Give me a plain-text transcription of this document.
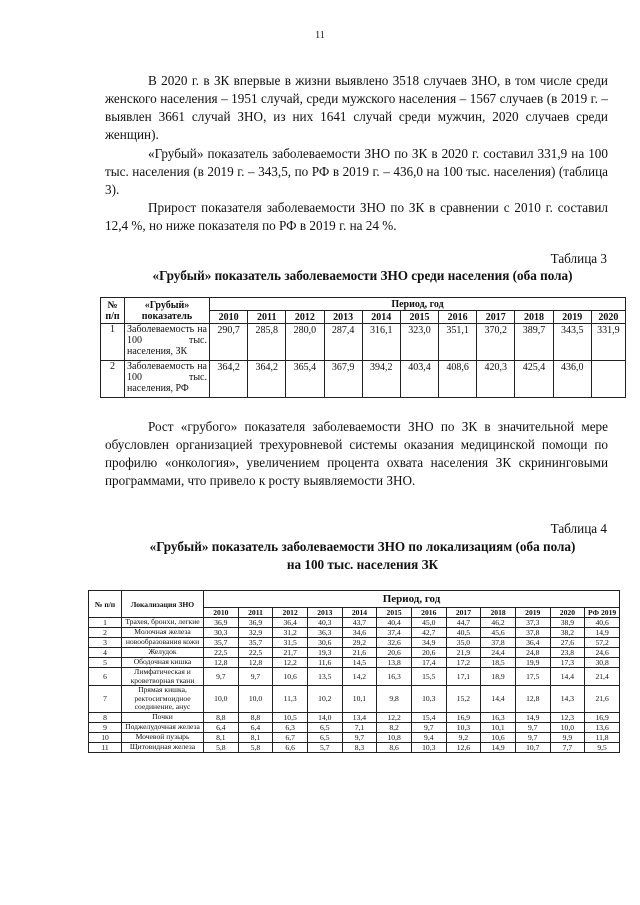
11

В 2020 г. в ЗК впервые в жизни выявлено 3518 случаев ЗНО, в том числе среди женского населения – 1951 случай, среди мужского населения – 1567 случаев (в 2019 г. – выявлен 3661 случай ЗНО, из них 1641 случай среди мужчин, 2020 случаев среди женщин).

«Грубый» показатель заболеваемости ЗНО по ЗК в 2020 г. составил 331,9 на 100 тыс. населения (в 2019 г. – 343,5, по РФ в 2019 г. – 436,0 на 100 тыс. населения) (таблица 3).

Прирост показателя заболеваемости ЗНО по ЗК в сравнении с 2010 г. составил 12,4 %, но ниже показателя по РФ в 2019 г. на 24 %.

Таблица 3

«Грубый» показатель заболеваемости ЗНО среди населения (оба пола)

№ п/п	«Грубый» показатель	Период, год										
		2010	2011	2012	2013	2014	2015	2016	2017	2018	2019	2020
1	Заболеваемость на 100 тыс. населения, ЗК	290,7	285,8	280,0	287,4	316,1	323,0	351,1	370,2	389,7	343,5	331,9
2	Заболеваемость на 100 тыс. населения, РФ	364,2	364,2	365,4	367,9	394,2	403,4	408,6	420,3	425,4	436,0	

Рост «грубого» показателя заболеваемости ЗНО по ЗК в значительной мере обусловлен организацией трехуровневой системы оказания медицинской помощи по профилю «онкология», увеличением процента охвата населения ЗК скрининговыми программами, что привело к росту выявляемости ЗНО.

Таблица 4

«Грубый» показатель заболеваемости ЗНО по локализациям (оба пола)

на 100 тыс. населения ЗК

№ п/п	Локализация ЗНО	Период, год											
		2010	2011	2012	2013	2014	2015	2016	2017	2018	2019	2020	РФ 2019
1	Трахея, бронхи, легкие	36,9	36,9	36,4	40,3	43,7	40,4	45,0	44,7	46,2	37,3	38,9	40,6
2	Молочная железа	30,3	32,9	31,2	36,3	34,6	37,4	42,7	40,5	45,6	37,8	38,2	14,9
3	новообразования кожи	35,7	35,7	31,5	30,6	29,2	32,6	34,9	35,0	37,8	36,4	27,6	57,2
4	Желудок	22,5	22,5	21,7	19,3	21,6	20,6	20,6	21,9	24,4	24,8	23,8	24,6
5	Ободочная кишка	12,8	12,8	12,2	11,6	14,5	13,8	17,4	17,2	18,5	19,9	17,3	30,8
6	Лимфатическая и кроветворная ткани	9,7	9,7	10,6	13,5	14,2	16,3	15,5	17,1	18,9	17,5	14,4	21,4
7	Прямая кишка, ректосигмоидное соединение, анус	10,0	10,0	11,3	10,2	10,1	9,8	10,3	15,2	14,4	12,8	14,3	21,6
8	Почки	8,8	8,8	10,5	14,0	13,4	12,2	15,4	16,9	16,3	14,9	12,3	16,9
9	Поджелудочная железа	6,4	6,4	6,3	6,5	7,1	8,2	9,7	10,3	10,1	9,7	10,0	13,6
10	Мочевой пузырь	8,1	8,1	6,7	6,5	9,7	10,8	9,4	9,2	10,6	9,7	9,9	11,8
11	Щитовидная железа	5,8	5,8	6,6	5,7	8,3	8,6	10,3	12,6	14,9	10,7	7,7	9,5
